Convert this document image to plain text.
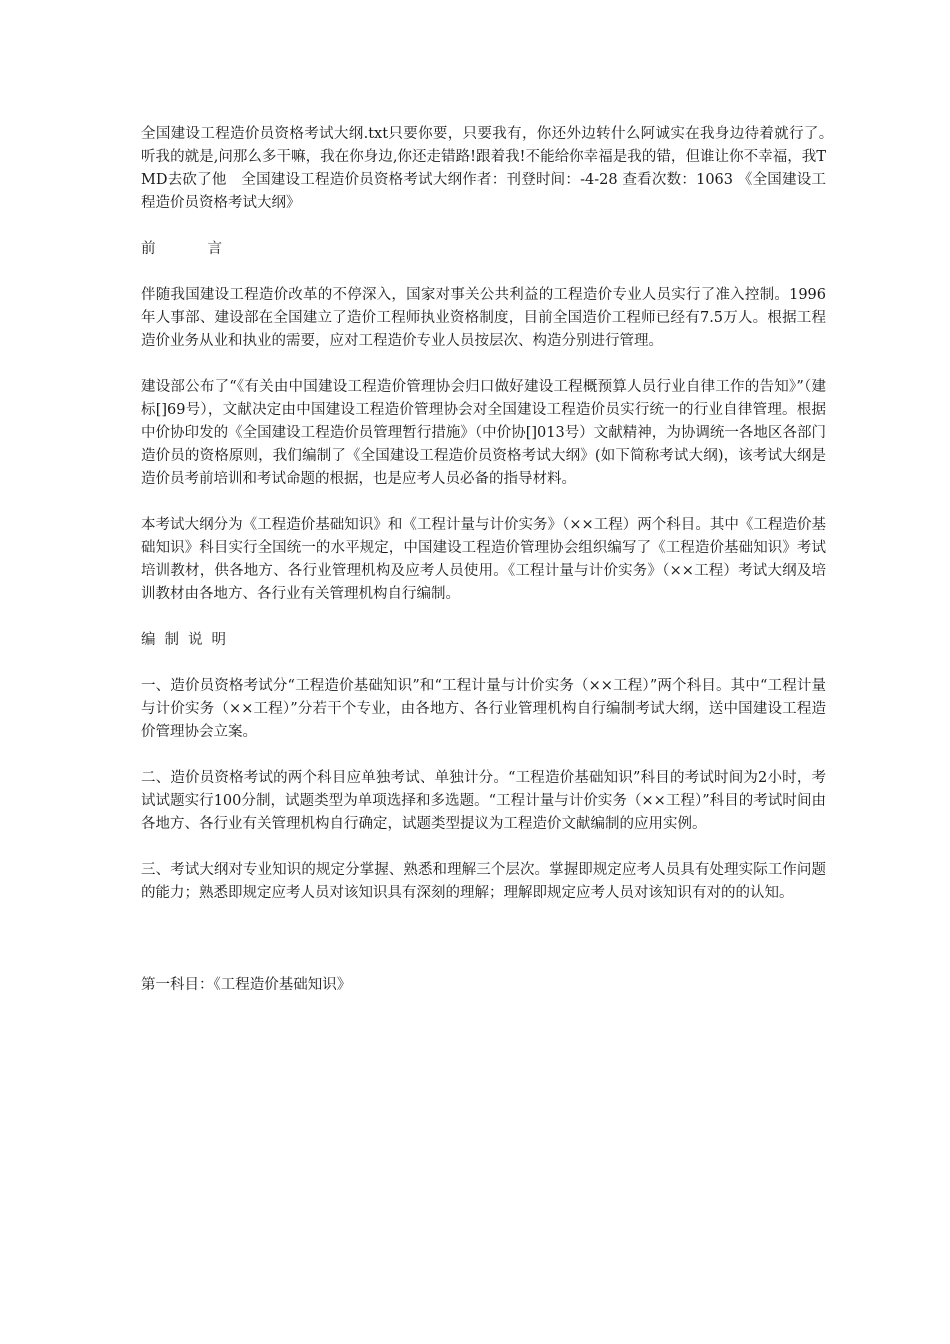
全国建设工程造价员资格考试大纲.txt只要你要，只要我有，你还外边转什么阿诚实在我身边待着就行了。　　听我的就是,问那么多干嘛，我在你身边,你还走错路!跟着我!不能给你幸福是我的错，但谁让你不幸福，我TMD去砍了他　全国建设工程造价员资格考试大纲作者：刊登时间：-4-28 查看次数：1063 《全国建设工程造价员资格考试大纲》

前言

伴随我国建设工程造价改革的不停深入，国家对事关公共利益的工程造价专业人员实行了准入控制。1996年人事部、建设部在全国建立了造价工程师执业资格制度，目前全国造价工程师已经有7.5万人。根据工程造价业务从业和执业的需要，应对工程造价专业人员按层次、构造分别进行管理。

建设部公布了“《有关由中国建设工程造价管理协会归口做好建设工程概预算人员行业自律工作的告知》”（建标[]69号），文献决定由中国建设工程造价管理协会对全国建设工程造价员实行统一的行业自律管理。根据中价协印发的《全国建设工程造价员管理暂行措施》（中价协[]013号）文献精神，为协调统一各地区各部门造价员的资格原则，我们编制了《全国建设工程造价员资格考试大纲》(如下简称考试大纲)，该考试大纲是造价员考前培训和考试命题的根据，也是应考人员必备的指导材料。

本考试大纲分为《工程造价基础知识》和《工程计量与计价实务》（××工程）两个科目。其中《工程造价基础知识》科目实行全国统一的水平规定，中国建设工程造价管理协会组织编写了《工程造价基础知识》考试培训教材，供各地方、各行业管理机构及应考人员使用。《工程计量与计价实务》（××工程）考试大纲及培训教材由各地方、各行业有关管理机构自行编制。

编制说明

一、造价员资格考试分“工程造价基础知识”和“工程计量与计价实务（××工程）”两个科目。其中“工程计量与计价实务（××工程）”分若干个专业，由各地方、各行业管理机构自行编制考试大纲，送中国建设工程造价管理协会立案。

二、造价员资格考试的两个科目应单独考试、单独计分。“工程造价基础知识”科目的考试时间为2小时，考试试题实行100分制，试题类型为单项选择和多选题。“工程计量与计价实务（××工程）”科目的考试时间由各地方、各行业有关管理机构自行确定，试题类型提议为工程造价文献编制的应用实例。

三、考试大纲对专业知识的规定分掌握、熟悉和理解三个层次。掌握即规定应考人员具有处理实际工作问题的能力；熟悉即规定应考人员对该知识具有深刻的理解；理解即规定应考人员对该知识有对的的认知。

第一科目：《工程造价基础知识》
